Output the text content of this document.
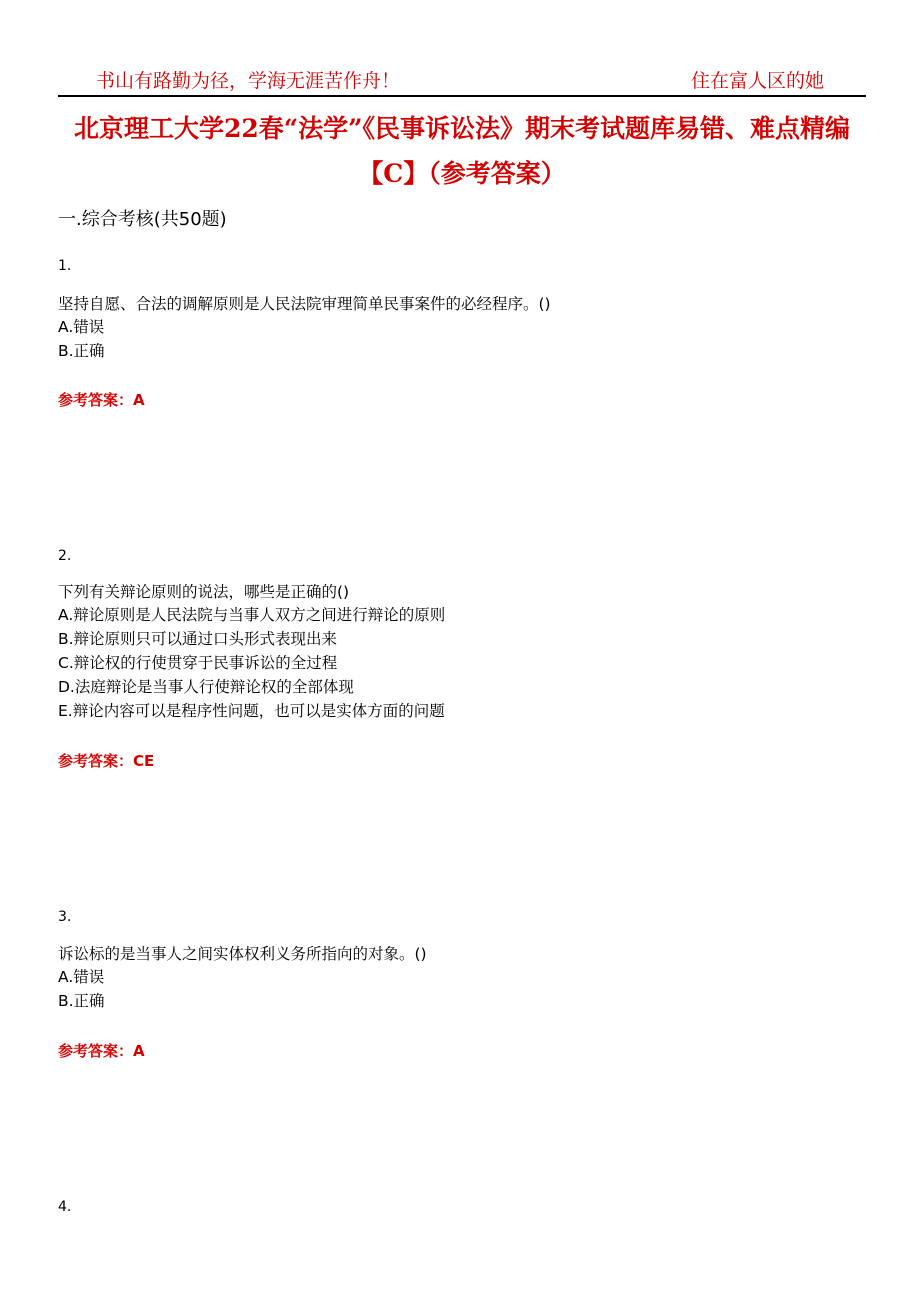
书山有路勤为径，学海无涯苦作舟！	住在富人区的她
北京理工大学22春“法学”《民事诉讼法》期末考试题库易错、难点精编【C】（参考答案）
一.综合考核(共50题)
1.
坚持自愿、合法的调解原则是人民法院审理简单民事案件的必经程序。()
A.错误
B.正确
参考答案：A
2.
下列有关辩论原则的说法，哪些是正确的()
A.辩论原则是人民法院与当事人双方之间进行辩论的原则
B.辩论原则只可以通过口头形式表现出来
C.辩论权的行使贯穿于民事诉讼的全过程
D.法庭辩论是当事人行使辩论权的全部体现
E.辩论内容可以是程序性问题，也可以是实体方面的问题
参考答案：CE
3.
诉讼标的是当事人之间实体权利义务所指向的对象。()
A.错误
B.正确
参考答案：A
4.
